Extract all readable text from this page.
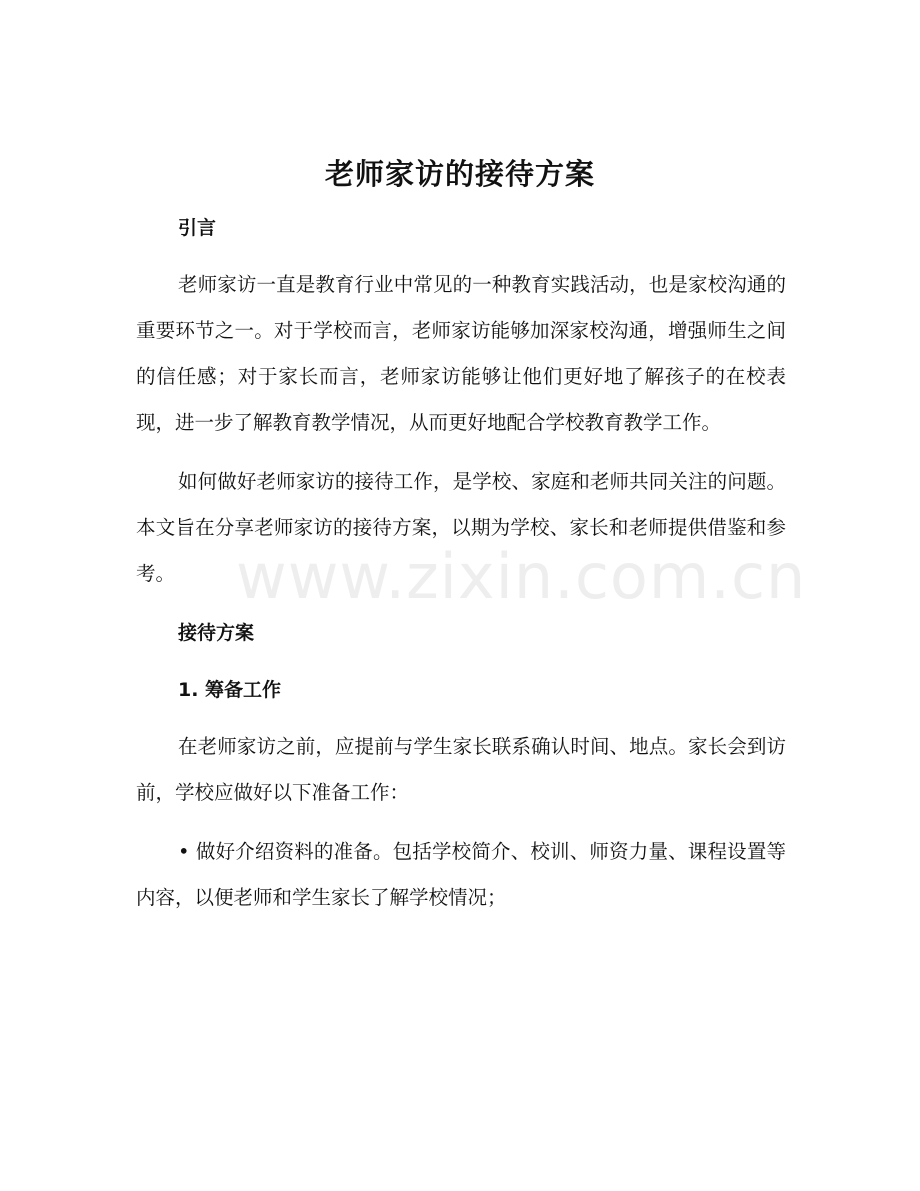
老师家访的接待方案

引言

老师家访一直是教育行业中常见的一种教育实践活动，也是家校沟通的重要环节之一。对于学校而言，老师家访能够加深家校沟通，增强师生之间的信任感；对于家长而言，老师家访能够让他们更好地了解孩子的在校表现，进一步了解教育教学情况，从而更好地配合学校教育教学工作。

如何做好老师家访的接待工作，是学校、家庭和老师共同关注的问题。本文旨在分享老师家访的接待方案，以期为学校、家长和老师提供借鉴和参考。

接待方案

1. 筹备工作

在老师家访之前，应提前与学生家长联系确认时间、地点。家长会到访前，学校应做好以下准备工作：

• 做好介绍资料的准备。包括学校简介、校训、师资力量、课程设置等内容，以便老师和学生家长了解学校情况；

www.zixin.com.cn
